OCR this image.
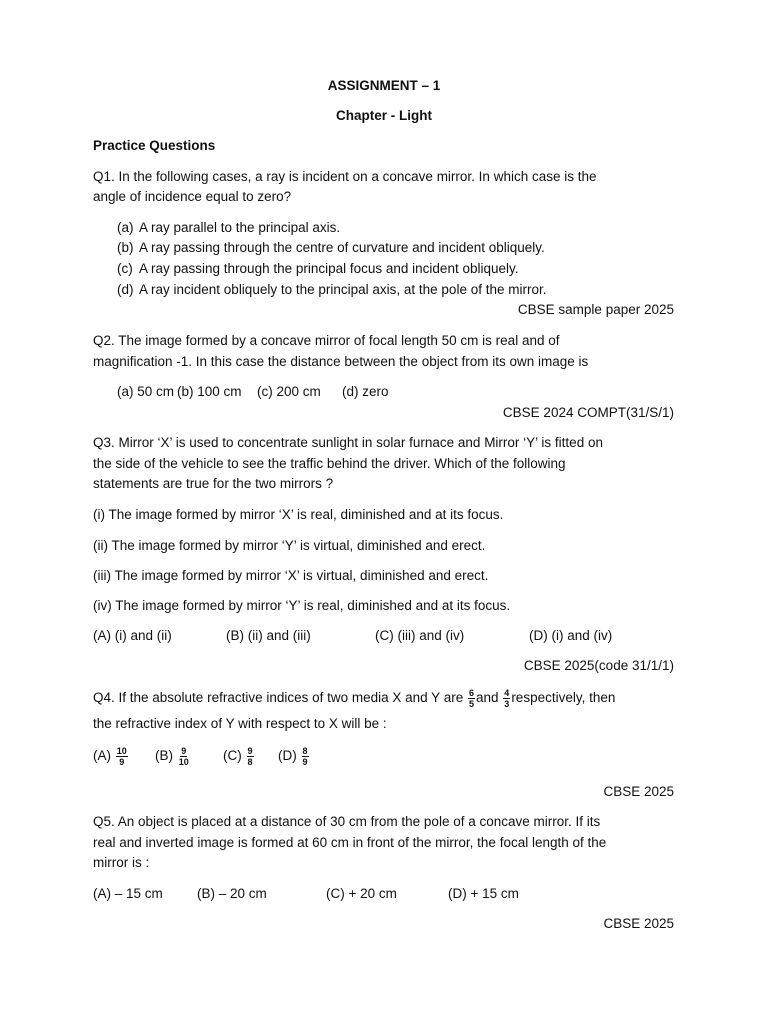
ASSIGNMENT – 1
Chapter - Light
Practice Questions
Q1. In the following cases, a ray is incident on a concave mirror. In which case is the
angle of incidence equal to zero?
(a) A ray parallel to the principal axis.
(b) A ray passing through the centre of curvature and incident obliquely.
(c) A ray passing through the principal focus and incident obliquely.
(d) A ray incident obliquely to the principal axis, at the pole of the mirror.
CBSE sample paper 2025
Q2. The image formed by a concave mirror of focal length 50 cm is real and of
magnification -1. In this case the distance between the object from its own image is
(a) 50 cm (b) 100 cm (c) 200 cm (d) zero
CBSE 2024 COMPT(31/S/1)
Q3. Mirror ‘X’ is used to concentrate sunlight in solar furnace and Mirror ‘Y’ is fitted on
the side of the vehicle to see the traffic behind the driver. Which of the following
statements are true for the two mirrors ?
(i) The image formed by mirror ‘X’ is real, diminished and at its focus.
(ii) The image formed by mirror ‘Y’ is virtual, diminished and erect.
(iii) The image formed by mirror ‘X’ is virtual, diminished and erect.
(iv) The image formed by mirror ‘Y’ is real, diminished and at its focus.
(A) (i) and (ii)	(B) (ii) and (iii)	(C) (iii) and (iv)	(D) (i) and (iv)
CBSE 2025(code 31/1/1)
Q4. If the absolute refractive indices of two media X and Y are $\frac{6}{5}$ and $\frac{4}{3}$ respectively, then
the refractive index of Y with respect to X will be :
$(A) \frac{10}{9} (B) \frac{9}{10} (C) \frac{9}{8} (D) \frac{8}{9}$
CBSE 2025
Q5. An object is placed at a distance of 30 cm from the pole of a concave mirror. If its
real and inverted image is formed at 60 cm in front of the mirror, the focal length of the
mirror is :
(A) – 15 cm	(B) – 20 cm	(C) + 20 cm	(D) + 15 cm
CBSE 2025
